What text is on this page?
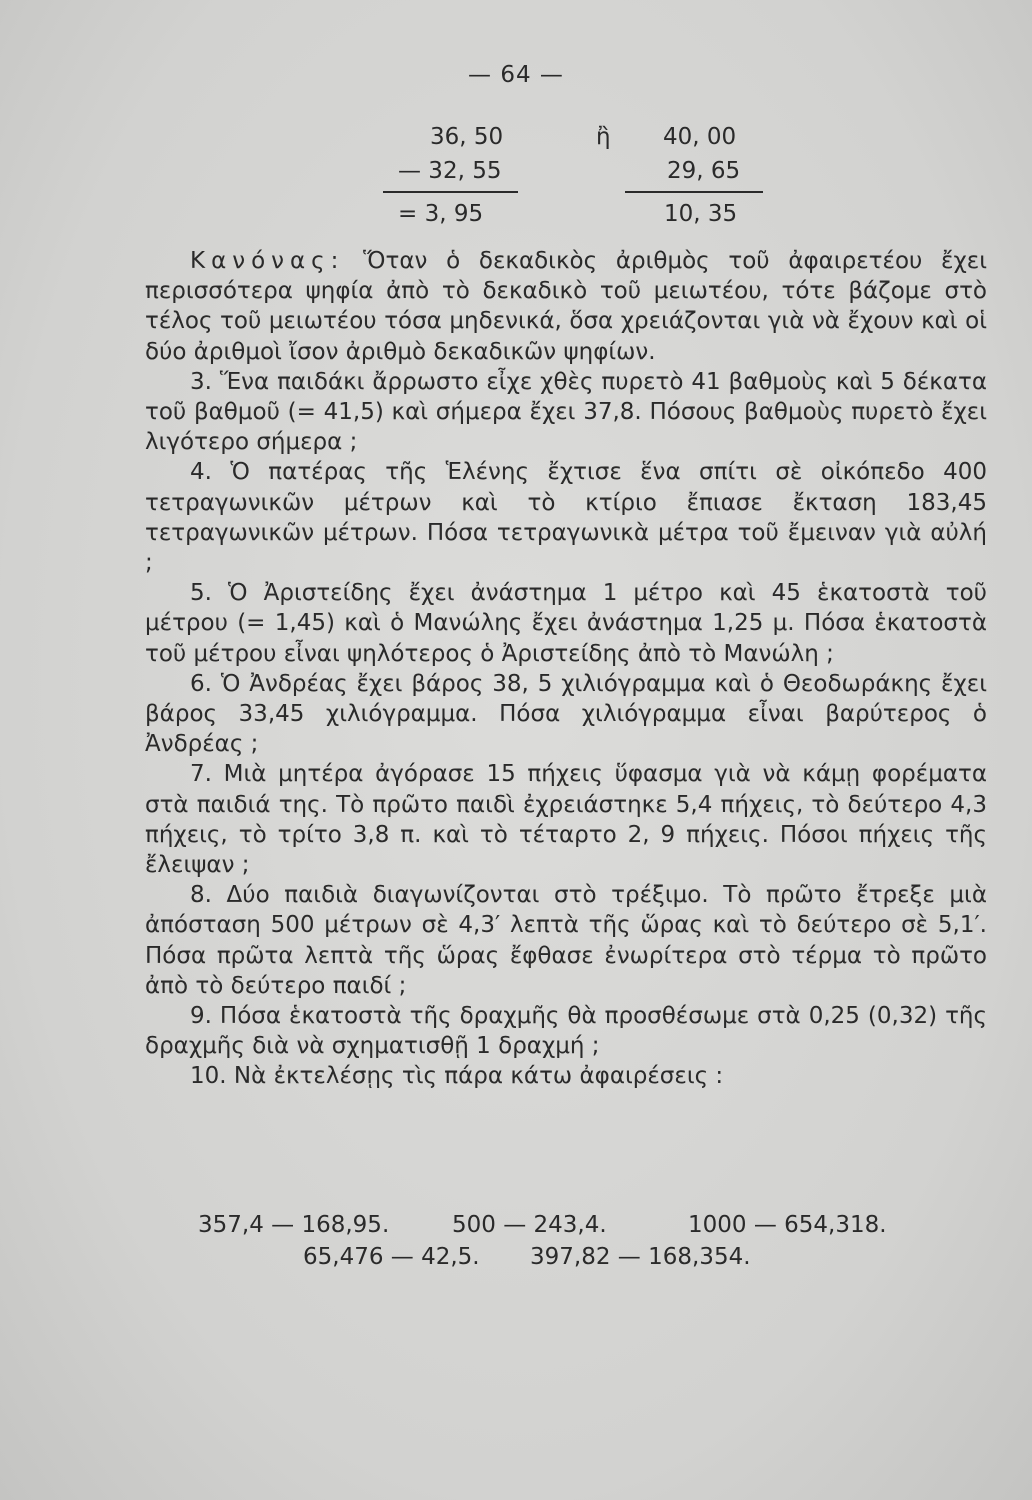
— 64 —
36, 50
— 32, 55
= 3, 95
ἢ 40, 00
29, 65
10, 35

Κανόνας: Ὅταν ὁ δεκαδικὸς ἀριθμὸς τοῦ ἀφαιρετέου ἔχει περισσότερα ψηφία ἀπὸ τὸ δεκαδικὸ τοῦ μειωτέου, τότε βάζομε στὸ τέλος τοῦ μειωτέου τόσα μηδενικά, ὅσα χρειάζονται γιὰ νὰ ἔχουν καὶ οἱ δύο ἀριθμοὶ ἴσον ἀριθμὸ δεκαδικῶν ψηφίων.

3. Ἕνα παιδάκι ἄρρωστο εἶχε χθὲς πυρετὸ 41 βαθμοὺς καὶ 5 δέκατα τοῦ βαθμοῦ (= 41,5) καὶ σήμερα ἔχει 37,8. Πόσους βαθμοὺς πυρετὸ ἔχει λιγότερο σήμερα ;

4. Ὁ πατέρας τῆς Ἑλένης ἔχτισε ἕνα σπίτι σὲ οἰκόπεδο 400 τετραγωνικῶν μέτρων καὶ τὸ κτίριο ἔπιασε ἔκταση 183,45 τετραγωνικῶν μέτρων. Πόσα τετραγωνικὰ μέτρα τοῦ ἔμειναν γιὰ αὐλή ;

5. Ὁ Ἀριστείδης ἔχει ἀνάστημα 1 μέτρο καὶ 45 ἑκατοστὰ τοῦ μέτρου (= 1,45) καὶ ὁ Μανώλης ἔχει ἀνάστημα 1,25 μ. Πόσα ἑκατοστὰ τοῦ μέτρου εἶναι ψηλότερος ὁ Ἀριστείδης ἀπὸ τὸ Μανώλη ;

6. Ὁ Ἀνδρέας ἔχει βάρος 38, 5 χιλιόγραμμα καὶ ὁ Θεοδωράκης ἔχει βάρος 33,45 χιλιόγραμμα. Πόσα χιλιόγραμμα εἶναι βαρύτερος ὁ Ἀνδρέας ;

7. Μιὰ μητέρα ἀγόρασε 15 πήχεις ὕφασμα γιὰ νὰ κάμῃ φορέματα στὰ παιδιά της. Τὸ πρῶτο παιδὶ ἐχρειάστηκε 5,4 πήχεις, τὸ δεύτερο 4,3 πήχεις, τὸ τρίτο 3,8 π. καὶ τὸ τέταρτο 2, 9 πήχεις. Πόσοι πήχεις τῆς ἔλειψαν ;

8. Δύο παιδιὰ διαγωνίζονται στὸ τρέξιμο. Τὸ πρῶτο ἔτρεξε μιὰ ἀπόσταση 500 μέτρων σὲ 4,3′ λεπτὰ τῆς ὥρας καὶ τὸ δεύτερο σὲ 5,1′. Πόσα πρῶτα λεπτὰ τῆς ὥρας ἔφθασε ἐνωρίτερα στὸ τέρμα τὸ πρῶτο ἀπὸ τὸ δεύτερο παιδί ;

9. Πόσα ἑκατοστὰ τῆς δραχμῆς θὰ προσθέσωμε στὰ 0,25 (0,32) τῆς δραχμῆς διὰ νὰ σχηματισθῇ 1 δραχμή ;

10. Νὰ ἐκτελέσῃς τὶς πάρα κάτω ἀφαιρέσεις :

357,4 — 168,95.	500 — 243,4.	1000 — 654,318.
65,476 — 42,5. 397,82 — 168,354.
